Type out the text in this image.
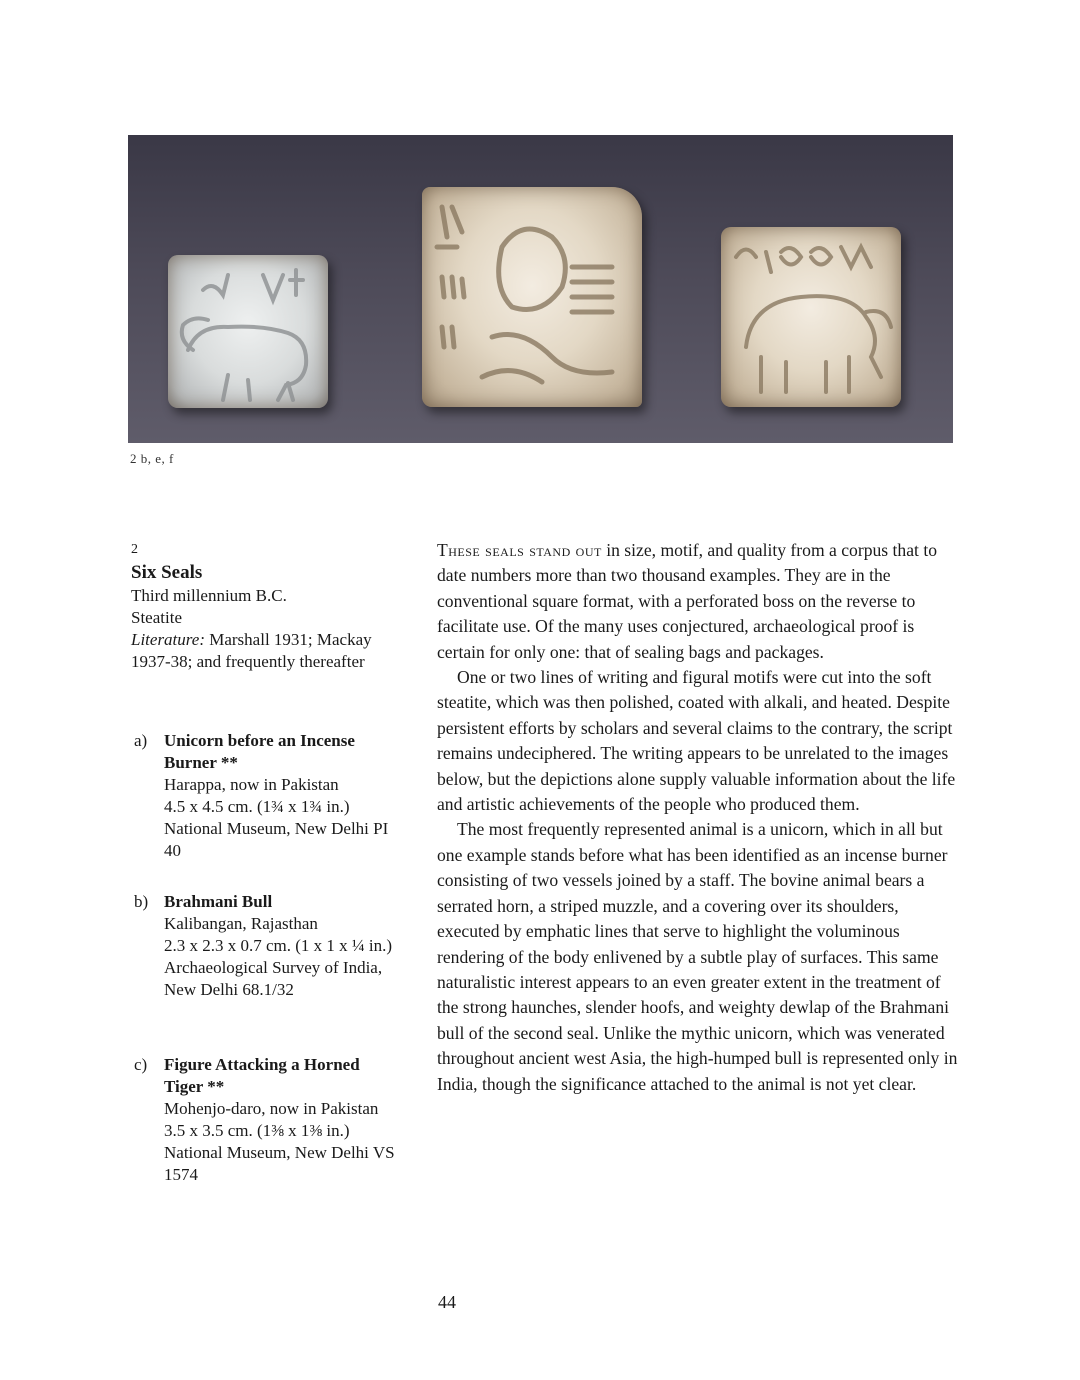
2 b, e, f
2
Six Seals
Third millennium B.C.
Steatite
Literature: Marshall 1931; Mackay 1937-38; and frequently thereafter
a) Unicorn before an Incense Burner **
Harappa, now in Pakistan
4.5 x 4.5 cm. (1¾ x 1¾ in.)
National Museum, New Delhi PI 40
b) Brahmani Bull
Kalibangan, Rajasthan
2.3 x 2.3 x 0.7 cm. (1 x 1 x ¼ in.)
Archaeological Survey of India, New Delhi 68.1/32
c) Figure Attacking a Horned Tiger **
Mohenjo-daro, now in Pakistan
3.5 x 3.5 cm. (1⅜ x 1⅜ in.)
National Museum, New Delhi VS 1574

These seals stand out in size, motif, and quality from a corpus that to date numbers more than two thousand examples. They are in the conventional square format, with a perforated boss on the reverse to facilitate use. Of the many uses conjectured, archaeological proof is certain for only one: that of sealing bags and packages.

One or two lines of writing and figural motifs were cut into the soft steatite, which was then polished, coated with alkali, and heated. Despite persistent efforts by scholars and several claims to the contrary, the script remains undeciphered. The writing appears to be unrelated to the images below, but the depictions alone supply valuable information about the life and artistic achievements of the people who produced them.

The most frequently represented animal is a unicorn, which in all but one example stands before what has been identified as an incense burner consisting of two vessels joined by a staff. The bovine animal bears a serrated horn, a striped muzzle, and a covering over its shoulders, executed by emphatic lines that serve to highlight the voluminous rendering of the body enlivened by a subtle play of surfaces. This same naturalistic interest appears to an even greater extent in the treatment of the strong haunches, slender hoofs, and weighty dewlap of the Brahmani bull of the second seal. Unlike the mythic unicorn, which was venerated throughout ancient west Asia, the high-humped bull is represented only in India, though the significance attached to the animal is not yet clear.

44
